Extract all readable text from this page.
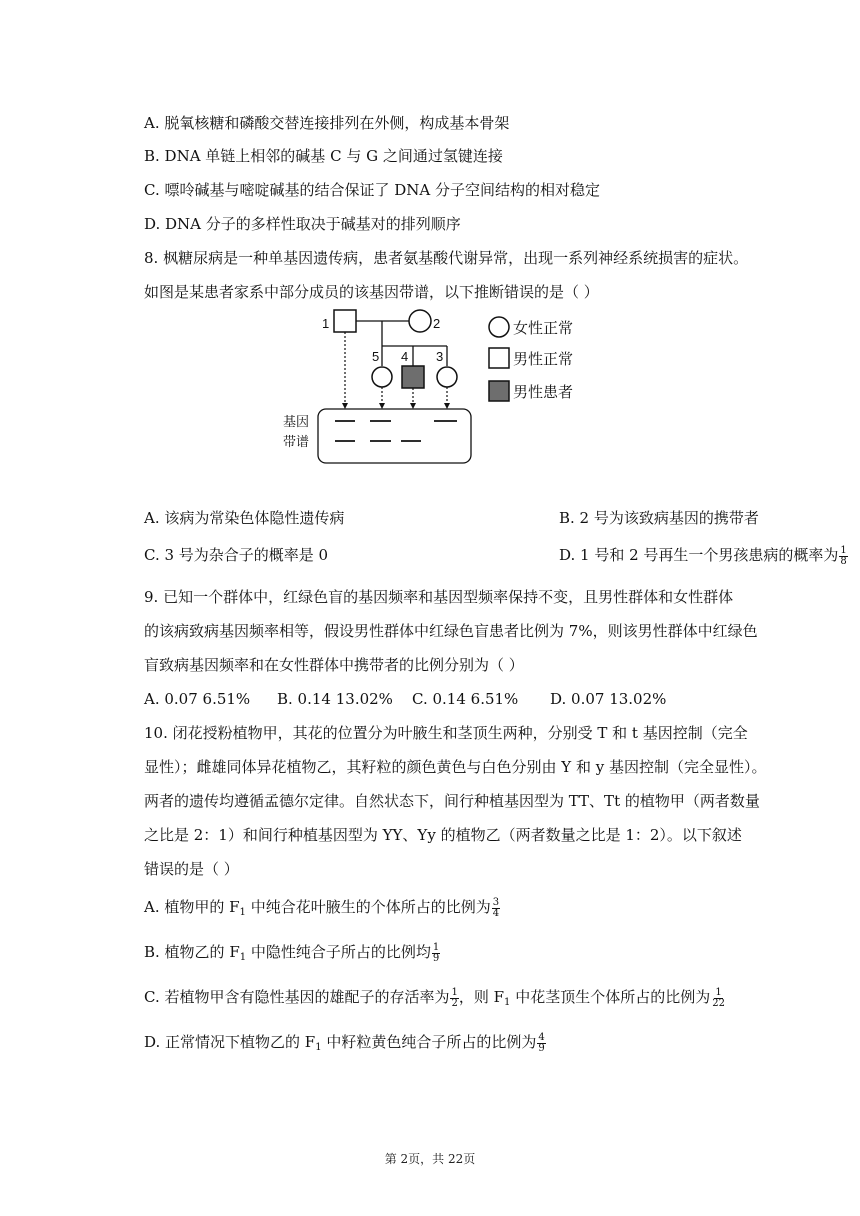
A. 脱氧核糖和磷酸交替连接排列在外侧，构成基本骨架
B. DNA 单链上相邻的碱基 C 与 G 之间通过氢键连接
C. 嘌呤碱基与嘧啶碱基的结合保证了 DNA 分子空间结构的相对稳定
D. DNA 分子的多样性取决于碱基对的排列顺序
8. 枫糖尿病是一种单基因遗传病，患者氨基酸代谢异常，出现一系列神经系统损害的症状。
如图是某患者家系中部分成员的该基因带谱，以下推断错误的是（ ）
1	2
5 4 3
基因
带谱
女性正常
男性正常
男性患者
A. 该病为常染色体隐性遗传病	B. 2 号为该致病基因的携带者
C. 3 号为杂合子的概率是 0	D. 1 号和 2 号再生一个男孩患病的概率为 $\frac{1}{8}$
9. 已知一个群体中，红绿色盲的基因频率和基因型频率保持不变，且男性群体和女性群体
的该病致病基因频率相等，假设男性群体中红绿色盲患者比例为 7%，则该男性群体中红绿色
盲致病基因频率和在女性群体中携带者的比例分别为（ ）
A. 0.07 6.51% B. 0.14 13.02% C. 0.14 6.51% D. 0.07 13.02%
10. 闭花授粉植物甲，其花的位置分为叶腋生和茎顶生两种，分别受 T 和 t 基因控制（完全
显性）；雌雄同体异花植物乙，其籽粒的颜色黄色与白色分别由 Y 和 y 基因控制（完全显性）。
两者的遗传均遵循孟德尔定律。自然状态下，间行种植基因型为 TT、Tt 的植物甲（两者数量
之比是 2：1）和间行种植基因型为 YY、Yy 的植物乙（两者数量之比是 1：2）。以下叙述
错误的是（ ）
A. 植物甲的 $F_1$ 中纯合花叶腋生的个体所占的比例为 $\frac{3}{4}$
B. 植物乙的 $F_1$ 中隐性纯合子所占的比例均 $\frac{1}{9}$
C. 若植物甲含有隐性基因的雄配子的存活率为 $\frac{1}{2}$ ，则 $F_1$ 中花茎顶生个体所占的比例为 $\frac{1}{22}$
D. 正常情况下植物乙的 $F_1$ 中籽粒黄色纯合子所占的比例为 $\frac{4}{9}$
第 2页，共 22页
